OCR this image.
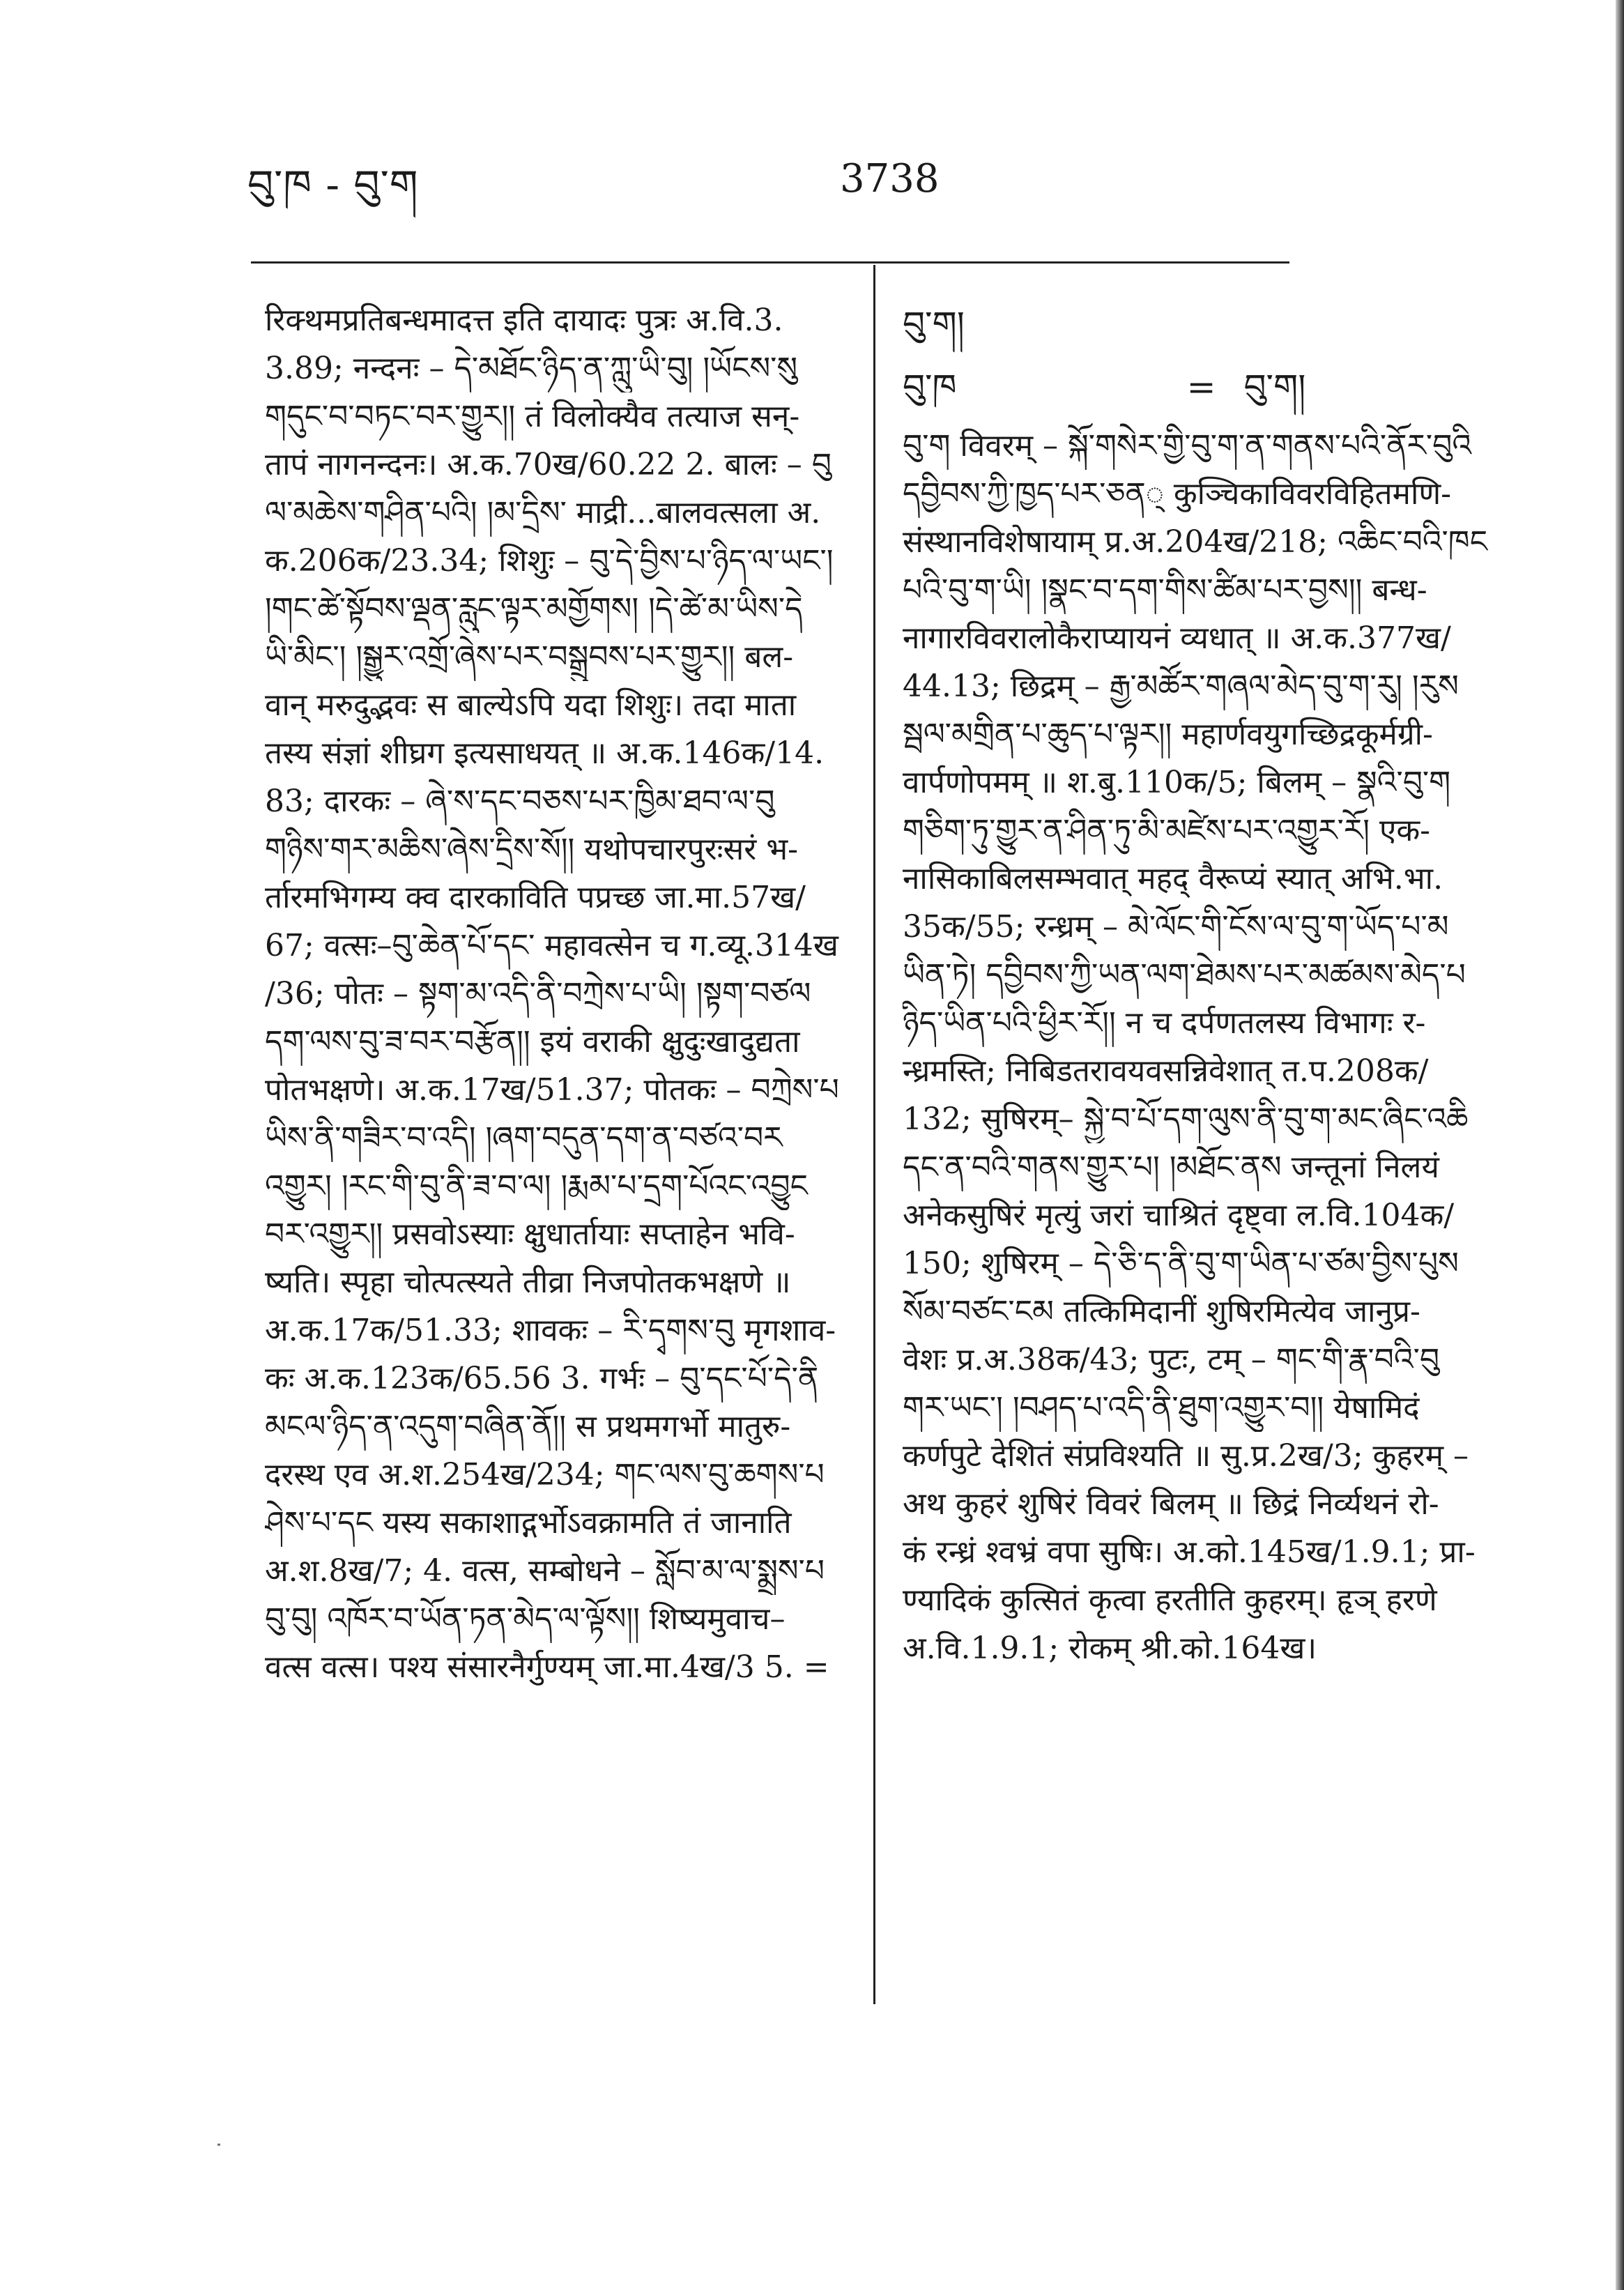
བུ་ཁ - བུ་ག	3738
रिक्थमप्रतिबन्धमादत्त इति दायादः पुत्रः अ.वि.3.
3.89; नन्दनः – དེ་མཐོང་ཉིད་ན་ཀླུ་ཡི་བུ། །ཡོངས་སུ
གདུང་བ་བཏང་བར་གྱུར།། तं विलोक्यैव तत्याज सन्-
तापं नागनन्दनः। अ.क.70ख/60.22 2. बालः – བུ
ལ་མཆེས་གཤིན་པའི། །མ་དྲིས་ माद्री...बालवत्सला अ.
क.206क/23.34; शिशुः – བུ་དེ་བྱིས་པ་ཉིད་ལ་ཡང་།
།གང་ཚེ་སྟོབས་ལྡན་རླུང་ལྟར་མགྱོགས། །དེ་ཚེ་མ་ཡིས་དེ
ཡི་མིང་། །སྒྱུར་འགྲོ་ཞེས་པར་བསྒྲུབས་པར་གྱུར།། बल-
वान् मरुदुद्भवः स बाल्येऽपि यदा शिशुः। तदा माता
तस्य संज्ञां शीघ्रग इत्यसाधयत् ॥ अ.क.146क/14.
83; दारकः – ཞེ་ས་དང་བཅས་པར་ཁྱིམ་ཐབ་ལ་བུ
གཉིས་གར་མཆིས་ཞེས་དྲིས་སོ།། यथोपचारपुरःसरं भ-
र्तारमभिगम्य क्व दारकाविति पप्रच्छ जा.मा.57ख/
67; वत्सः–བུ་ཆེན་པོ་དང་ महावत्सेन च ग.व्यू.314ख
/36; पोतः – སྟག་མ་འདི་ནི་བཀྲེས་པ་ཡི། །སྟག་བཙལ
དག་ལས་བུ་ཟ་བར་བརྩོན།། इयं वराकी क्षुदुःखादुद्यता
पोतभक्षणे। अ.क.17ख/51.37; पोतकः – བཀྲེས་པ
ཡིས་ནི་གཟིར་བ་འདི། །ཞག་བདུན་དག་ན་བཙའ་བར
འགྱུར། །རང་གི་བུ་ནི་ཟ་བ་ལ། །རྨམ་པ་དྲག་པོའང་འབྱུང
བར་འགྱུར།། प्रसवोऽस्याः क्षुधार्तायाः सप्ताहेन भवि-
ष्यति। स्पृहा चोत्पत्स्यते तीव्रा निजपोतकभक्षणे ॥
अ.क.17क/51.33; शावकः – རི་དྭགས་བུ मृगशाव-
कः अ.क.123क/65.56 3. गर्भः – བུ་དང་པོ་དེ་ནི
མངལ་ཉིད་ན་འདུག་བཞིན་ནོ།། स प्रथमगर्भो मातुरु-
दरस्थ एव अ.श.254ख/234; གང་ལས་བུ་ཆགས་པ
ཤེས་པ་དང यस्य सकाशाद्गर्भोऽवक्रामति तं जानाति
अ.श.8ख/7; 4. वत्स, सम्बोधने – སློབ་མ་ལ་སྨྲས་པ
བུ་བུ། འཁོར་བ་ཡོན་ཏན་མེད་ལ་ལྟོས།། शिष्यमुवाच–
वत्स वत्स। पश्य संसारनैर्गुण्यम् जा.मा.4ख/3 5. =
བུ་ག།
བུ་ཁ	= བུ་ག།
བུ་ག विवरम् – སྐོ་གསེར་གྱི་བུ་ག་ན་གནས་པའི་ནོར་བུའི
དབྱིབས་ཀྱི་ཁྱད་པར་ཅན् कुञ्चिकाविवरविहितमणि-
संस्थानविशेषायाम् प्र.अ.204ख/218; འཆིང་བའི་ཁང
པའི་བུ་ག་ཡི། །སྣང་བ་དག་གིས་ཚིམ་པར་བྱས།། बन्ध-
नागारविवरालोकैराप्यायनं व्यधात् ॥ अ.क.377ख/
44.13; छिद्रम् – རྒྱ་མཚོར་གཞལ་མེད་བུ་ག་རུ། །རུས
སྦལ་མགྲིན་པ་ཆུད་པ་ལྟར།། महार्णवयुगच्छिद्रकूर्मग्री-
वार्पणोपमम् ॥ श.बु.110क/5; बिलम् – སྣའི་བུ་ག
གཅིག་ཏུ་གྱུར་ན་ཤིན་ཏུ་མི་མཛེས་པར་འགྱུར་རོ། एक-
नासिकाबिलसम्भवात् महद् वैरूप्यं स्यात् अभि.भा.
35क/55; रन्ध्रम् – མེ་ལོང་གི་ངོས་ལ་བུ་ག་ཡོད་པ་མ
ཡིན་ཏེ། དབྱིབས་ཀྱི་ཡན་ལག་ཐེམས་པར་མཚམས་མེད་པ
ཉིད་ཡིན་པའི་ཕྱིར་རོ།། न च दर्पणतलस्य विभागः र-
न्ध्रमस्ति; निबिडतरावयवसन्निवेशात् त.प.208क/
132; सुषिरम्– སྐྱེ་བ་པོ་དག་ལུས་ནི་བུ་ག་མང་ཞིང་འཆི
དང་ན་བའི་གནས་གྱུར་པ། །མཐོང་ནས जन्तूनां निलयं
अनेकसुषिरं मृत्युं जरां चाश्रितं दृष्ट्वा ल.वि.104क/
150; शुषिरम् – དེ་ཅི་ད་ནི་བུ་ག་ཡིན་པ་ཙམ་བྱིས་པུས
སོམ་བཙང་ངམ तत्किमिदानीं शुषिरमित्येव जानुप्र-
वेशः प्र.अ.38क/43; पुटः, टम् – གང་གི་རྣ་བའི་བུ
གར་ཡང་། །བཤད་པ་འདི་ནི་ཐུག་འགྱུར་བ།། येषामिदं
कर्णपुटे देशितं संप्रविश्यति ॥ सु.प्र.2ख/3; कुहरम् –
अथ कुहरं शुषिरं विवरं बिलम् ॥ छिद्रं निर्व्यथनं रो-
कं रन्ध्रं श्वभ्रं वपा सुषिः। अ.को.145ख/1.9.1; प्रा-
ण्यादिकं कुत्सितं कृत्वा हरतीति कुहरम्। हृञ् हरणे
अ.वि.1.9.1; रोकम् श्री.को.164ख।
